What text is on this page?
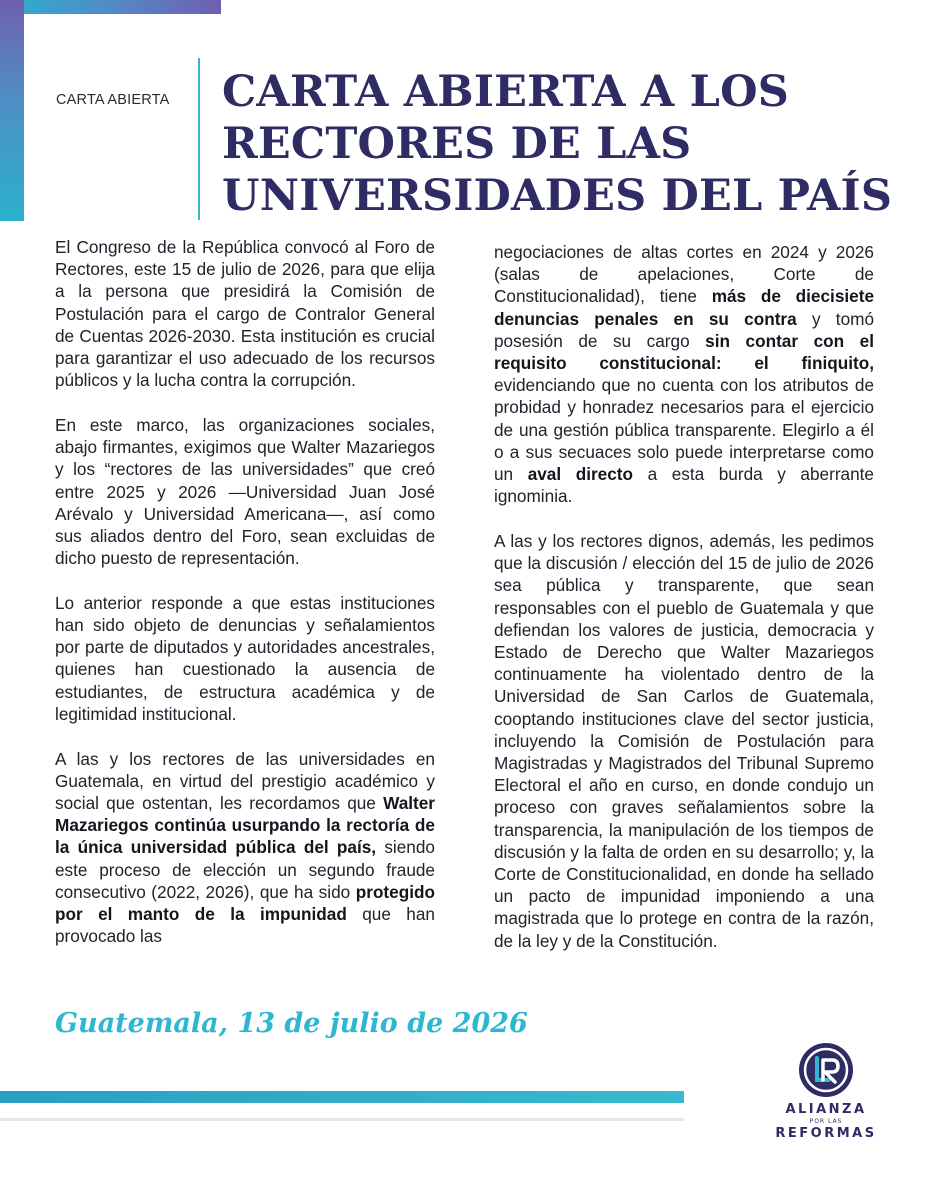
CARTA ABIERTA CARTA ABIERTA A LOS RECTORES DE LAS UNIVERSIDADES DEL PAÍS

El Congreso de la República convocó al Foro de Rectores, este 15 de julio de 2026, para que elija a la persona que presidirá la Comisión de Postulación para el cargo de Contralor General de Cuentas 2026-2030. Esta institución es crucial para garantizar el uso adecuado de los recursos públicos y la lucha contra la corrupción.

En este marco, las organizaciones sociales, abajo firmantes, exigimos que Walter Mazariegos y los “rectores de las universidades” que creó entre 2025 y 2026 —Universidad Juan José Arévalo y Universidad Americana—, así como sus aliados dentro del Foro, sean excluidas de dicho puesto de representación.

Lo anterior responde a que estas instituciones han sido objeto de denuncias y señalamientos por parte de diputados y autoridades ancestrales, quienes han cuestionado la ausencia de estudiantes, de estructura académica y de legitimidad institucional.

A las y los rectores de las universidades en Guatemala, en virtud del prestigio académico y social que ostentan, les recordamos que Walter Mazariegos continúa usurpando la rectoría de la única universidad pública del país, siendo este proceso de elección un segundo fraude consecutivo (2022, 2026), que ha sido protegido por el manto de la impunidad que han provocado las

negociaciones de altas cortes en 2024 y 2026 (salas de apelaciones, Corte de Constitucionalidad), tiene más de diecisiete denuncias penales en su contra y tomó posesión de su cargo sin contar con el requisito constitucional: el finiquito, evidenciando que no cuenta con los atributos de probidad y honradez necesarios para el ejercicio de una gestión pública transparente. Elegirlo a él o a sus secuaces solo puede interpretarse como un aval directo a esta burda y aberrante ignominia.

A las y los rectores dignos, además, les pedimos que la discusión / elección del 15 de julio de 2026 sea pública y transparente, que sean responsables con el pueblo de Guatemala y que defiendan los valores de justicia, democracia y Estado de Derecho que Walter Mazariegos continuamente ha violentado dentro de la Universidad de San Carlos de Guatemala, cooptando instituciones clave del sector justicia, incluyendo la Comisión de Postulación para Magistradas y Magistrados del Tribunal Supremo Electoral el año en curso, en donde condujo un proceso con graves señalamientos sobre la transparencia, la manipulación de los tiempos de discusión y la falta de orden en su desarrollo; y, la Corte de Constitucionalidad, en donde ha sellado un pacto de impunidad imponiendo a una magistrada que lo protege en contra de la razón, de la ley y de la Constitución.

Guatemala, 13 de julio de 2026
ALIANZA
POR LAS
REFORMAS
